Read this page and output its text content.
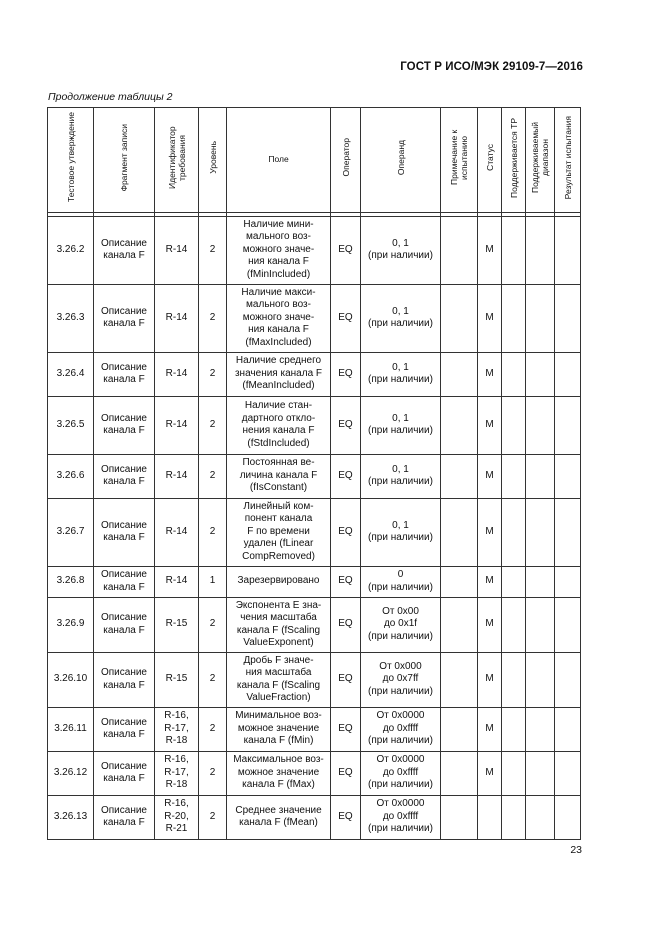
ГОСТ Р ИСО/МЭК 29109-7—2016
Продолжение таблицы 2
Тестовое утверждение	Фрагмент записи	Идентификатор требования	Уровень	Поле	Оператор	Операнд	Примечание к испытанию	Статус	Поддерживается ТР	Поддерживаемый диапазон	Результат испытания

3.26.2	Описание канала F	R-14	2	Наличие мини-
мального воз-
можного значе-
ния канала F
(fMinIncluded)	EQ	0, 1
(при наличии)		M			
3.26.3	Описание канала F	R-14	2	Наличие макси-
мального воз-
можного значе-
ния канала F
(fMaxIncluded)	EQ	0, 1
(при наличии)		M			
3.26.4	Описание канала F	R-14	2	Наличие среднего
значения канала F
(fMeanIncluded)	EQ	0, 1
(при наличии)		M			
3.26.5	Описание канала F	R-14	2	Наличие стан-
дартного откло-
нения канала F
(fStdIncluded)	EQ	0, 1
(при наличии)		M			
3.26.6	Описание канала F	R-14	2	Постоянная ве-
личина канала F
(fIsConstant)	EQ	0, 1
(при наличии)		M			
3.26.7	Описание канала F	R-14	2	Линейный ком-
понент канала
F по времени
удален (fLinear
CompRemoved)	EQ	0, 1
(при наличии)		M			
3.26.8	Описание канала F	R-14	1	Зарезервировано	EQ	0
(при наличии)		M			
3.26.9	Описание канала F	R-15	2	Экспонента E зна-
чения масштаба
канала F (fScaling
ValueExponent)	EQ	От 0x00
до 0x1f
(при наличии)		M			
3.26.10	Описание канала F	R-15	2	Дробь F значе-
ния масштаба
канала F (fScaling
ValueFraction)	EQ	От 0x000
до 0x7ff
(при наличии)		M			
3.26.11	Описание канала F	R-16,
R-17,
R-18	2	Минимальное воз-
можное значение
канала F (fMin)	EQ	От 0x0000
до 0xffff
(при наличии)		M			
3.26.12	Описание канала F	R-16,
R-17,
R-18	2	Максимальное воз-
можное значение
канала F (fMax)	EQ	От 0x0000
до 0xffff
(при наличии)		M			
3.26.13	Описание канала F	R-16,
R-20,
R-21	2	Среднее значение
канала F (fMean)	EQ	От 0x0000
до 0xffff
(при наличии)					
23
